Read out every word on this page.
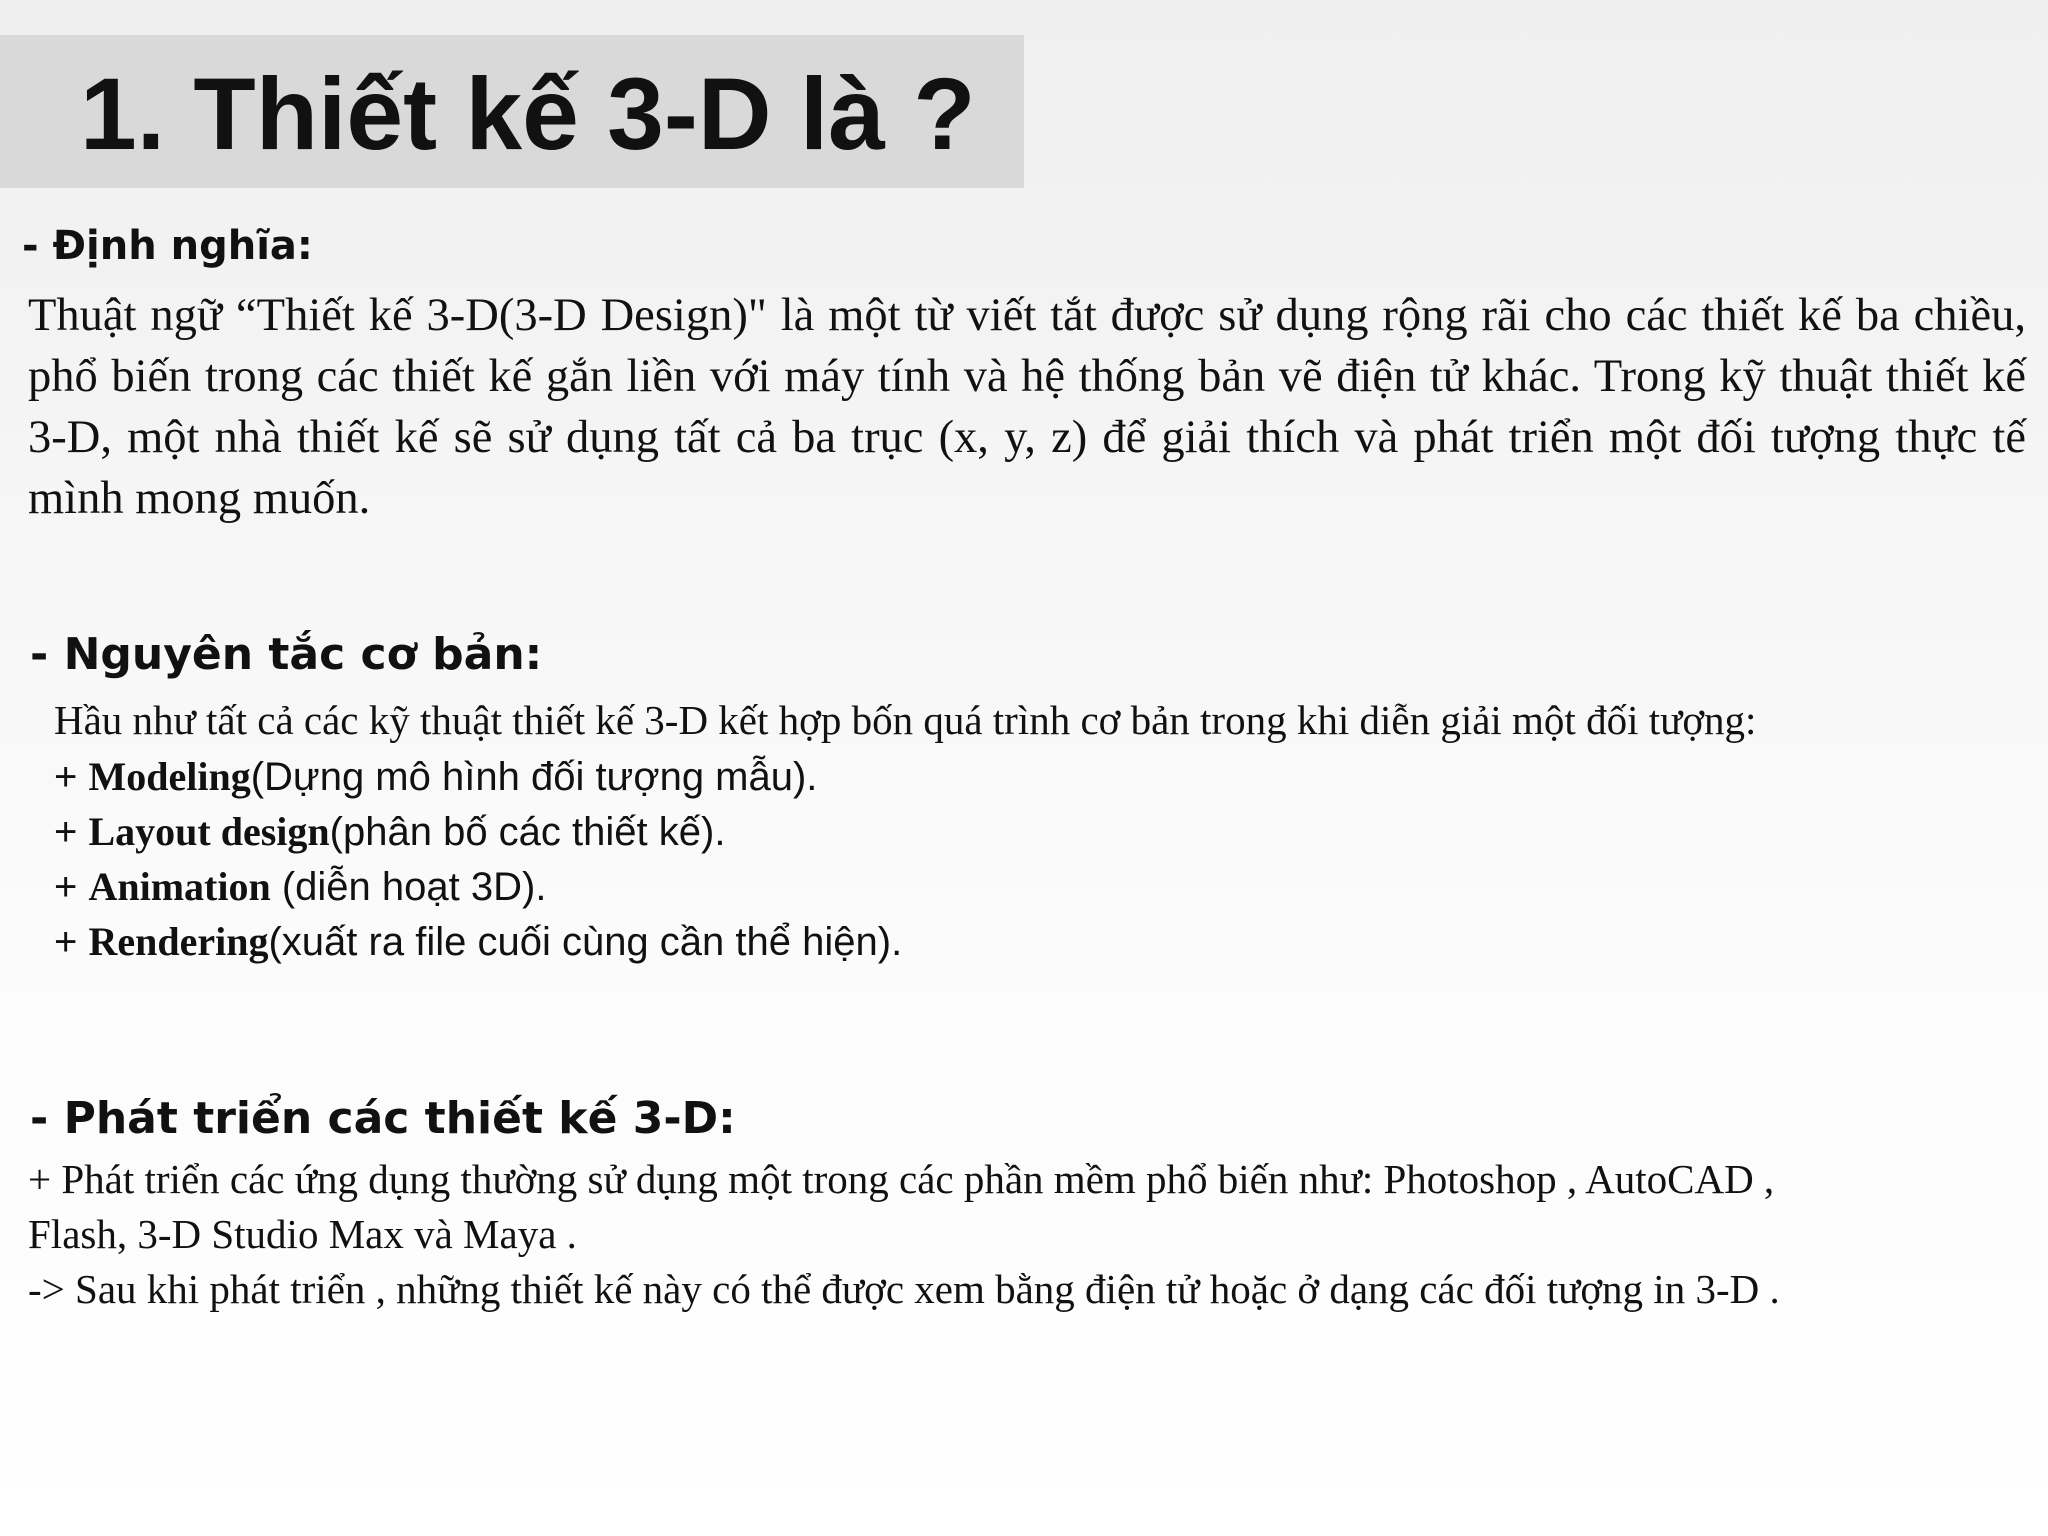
1. Thiết kế 3-D là ?
- Định nghĩa:

Thuật ngữ “Thiết kế 3-D(3-D Design)" là một từ viết tắt được sử dụng rộng rãi cho các thiết kế ba chiều, phổ biến trong các thiết kế gắn liền với máy tính và hệ thống bản vẽ điện tử khác. Trong kỹ thuật thiết kế 3-D, một nhà thiết kế sẽ sử dụng tất cả ba trục (x, y, z) để giải thích và phát triển một đối tượng thực tế mình mong muốn.

- Nguyên tắc cơ bản:
Hầu như tất cả các kỹ thuật thiết kế 3-D kết hợp bốn quá trình cơ bản trong khi diễn giải một đối tượng:
+ Modeling(Dựng mô hình đối tượng mẫu).
+ Layout design(phân bố các thiết kế).
+ Animation (diễn hoạt 3D).
+ Rendering(xuất ra file cuối cùng cần thể hiện).
- Phát triển các thiết kế 3-D:
+ Phát triển các ứng dụng thường sử dụng một trong các phần mềm phổ biến như: Photoshop , AutoCAD ,
Flash, 3-D Studio Max và Maya .
-> Sau khi phát triển , những thiết kế này có thể được xem bằng điện tử hoặc ở dạng các đối tượng in 3-D .
